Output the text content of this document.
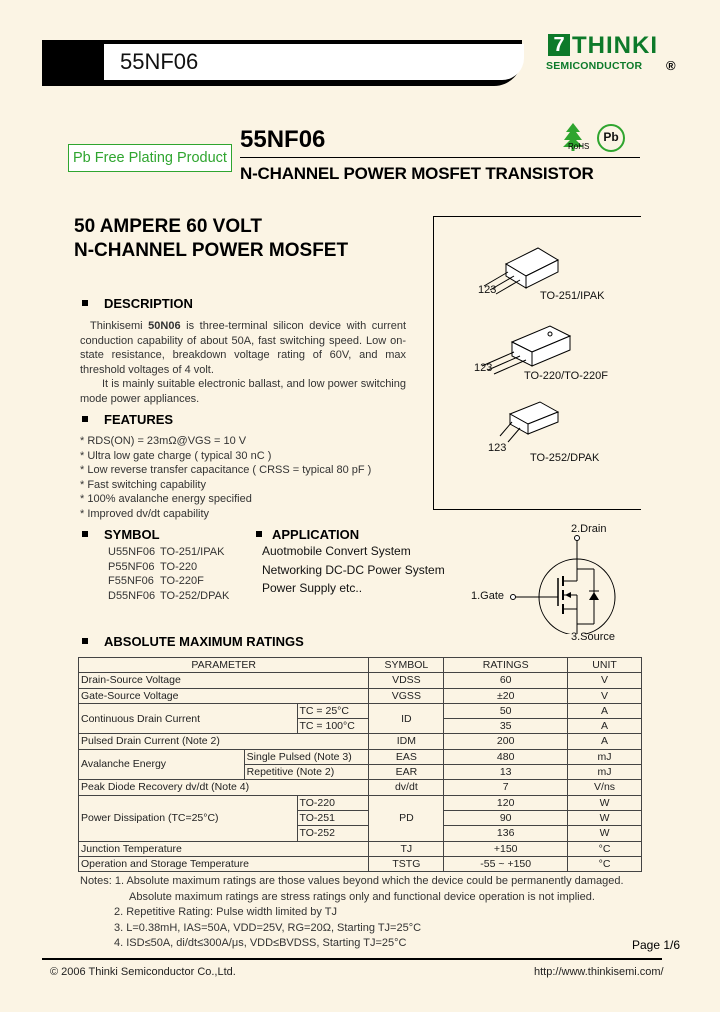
55NF06
7 THINKI
SEMICONDUCTOR ®
Pb Free Plating Product
55NF06
N-CHANNEL POWER MOSFET TRANSISTOR
RoHS
Pb
50 AMPERE 60 VOLT
N-CHANNEL POWER MOSFET
DESCRIPTION
Thinkisemi 50N06 is three-terminal silicon device with current conduction capability of about 50A, fast switching speed. Low on-state resistance, breakdown voltage rating of 60V, and max threshold voltages of 4 volt.
It is mainly suitable electronic ballast, and low power switching mode power appliances.
123	TO-251/IPAK
123
TO-220/TO-220F
123
TO-252/DPAK
FEATURES
* RDS(ON) = 23mΩ@VGS = 10 V
* Ultra low gate charge ( typical 30 nC )
* Low reverse transfer capacitance ( CRSS = typical 80 pF )
* Fast switching capability
* 100% avalanche energy specified
* Improved dv/dt capability
SYMBOL
U55NF06 TO-251/IPAK
P55NF06 TO-220
F55NF06 TO-220F
D55NF06 TO-252/DPAK
APPLICATION
Auotmobile Convert System
Networking DC-DC Power System
Power Supply etc..
2.Drain
1.Gate
3.Source
ABSOLUTE MAXIMUM RATINGS
PARAMETER			SYMBOL	RATINGS	UNIT
Drain-Source Voltage			VDSS	60	V
Gate-Source Voltage			VGSS	±20	V
Continuous Drain Current		TC = 25°C	ID	50	A
		TC = 100°C		35	A
Pulsed Drain Current (Note 2)			IDM	200	A
Avalanche Energy	Single Pulsed (Note 3)		EAS	480	mJ
	Repetitive (Note 2)		EAR	13	mJ
Peak Diode Recovery dv/dt (Note 4)			dv/dt	7	V/ns
Power Dissipation (TC=25°C)		TO-220	PD	120	W
		TO-251		90	W
		TO-252		136	W
Junction Temperature			TJ	+150	°C
Operation and Storage Temperature			TSTG	-55 ~ +150	°C
Notes: 1. Absolute maximum ratings are those values beyond which the device could be permanently damaged.
Absolute maximum ratings are stress ratings only and functional device operation is not implied.
2. Repetitive Rating: Pulse width limited by TJ
3. L=0.38mH, IAS=50A, VDD=25V, RG=20Ω, Starting TJ=25°C
4. ISD≤50A, di/dt≤300A/μs, VDD≤BVDSS, Starting TJ=25°C	Page 1/6
© 2006 Thinki Semiconductor Co.,Ltd.	http://www.thinkisemi.com/
